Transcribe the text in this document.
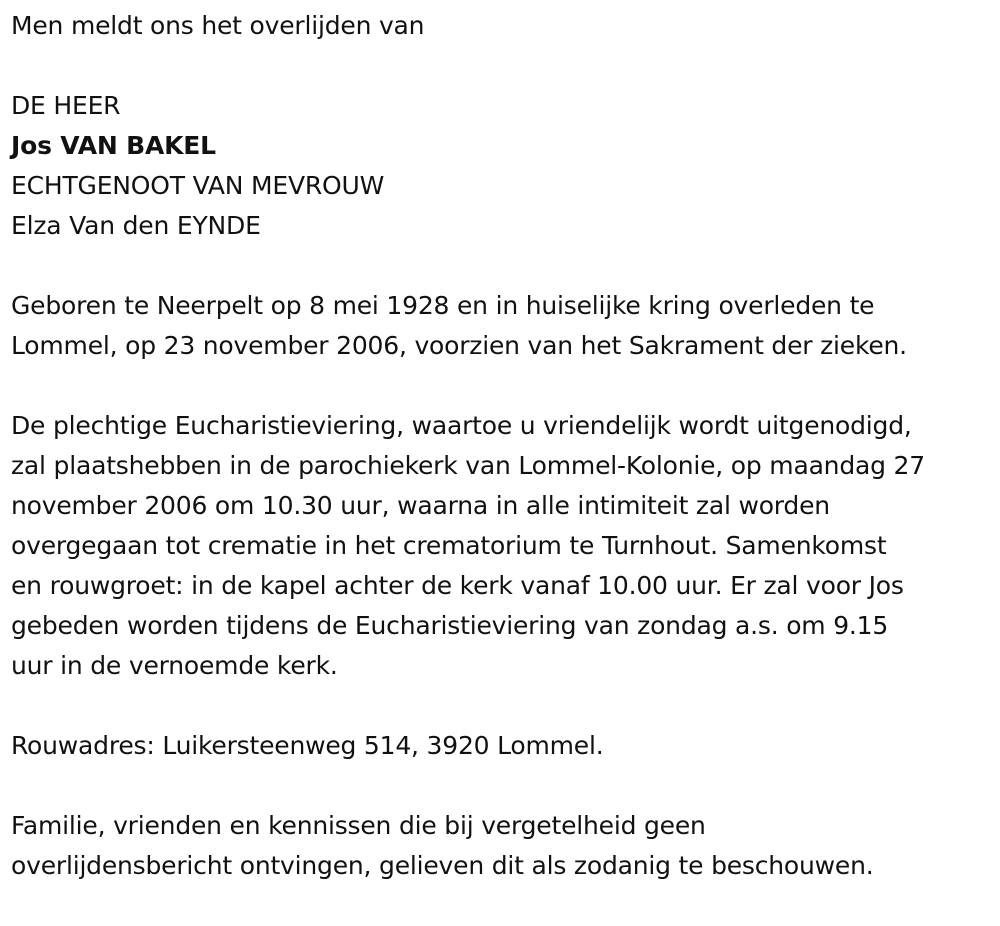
Men meldt ons het overlijden van
DE HEER
Jos VAN BAKEL
ECHTGENOOT VAN MEVROUW
Elza Van den EYNDE
Geboren te Neerpelt op 8 mei 1928 en in huiselijke kring overleden te
Lommel, op 23 november 2006, voorzien van het Sakrament der zieken.
De plechtige Eucharistieviering, waartoe u vriendelijk wordt uitgenodigd,
zal plaatshebben in de parochiekerk van Lommel-Kolonie, op maandag 27
november 2006 om 10.30 uur, waarna in alle intimiteit zal worden
overgegaan tot crematie in het crematorium te Turnhout. Samenkomst
en rouwgroet: in de kapel achter de kerk vanaf 10.00 uur. Er zal voor Jos
gebeden worden tijdens de Eucharistieviering van zondag a.s. om 9.15
uur in de vernoemde kerk.
Rouwadres: Luikersteenweg 514, 3920 Lommel.
Familie, vrienden en kennissen die bij vergetelheid geen
overlijdensbericht ontvingen, gelieven dit als zodanig te beschouwen.
